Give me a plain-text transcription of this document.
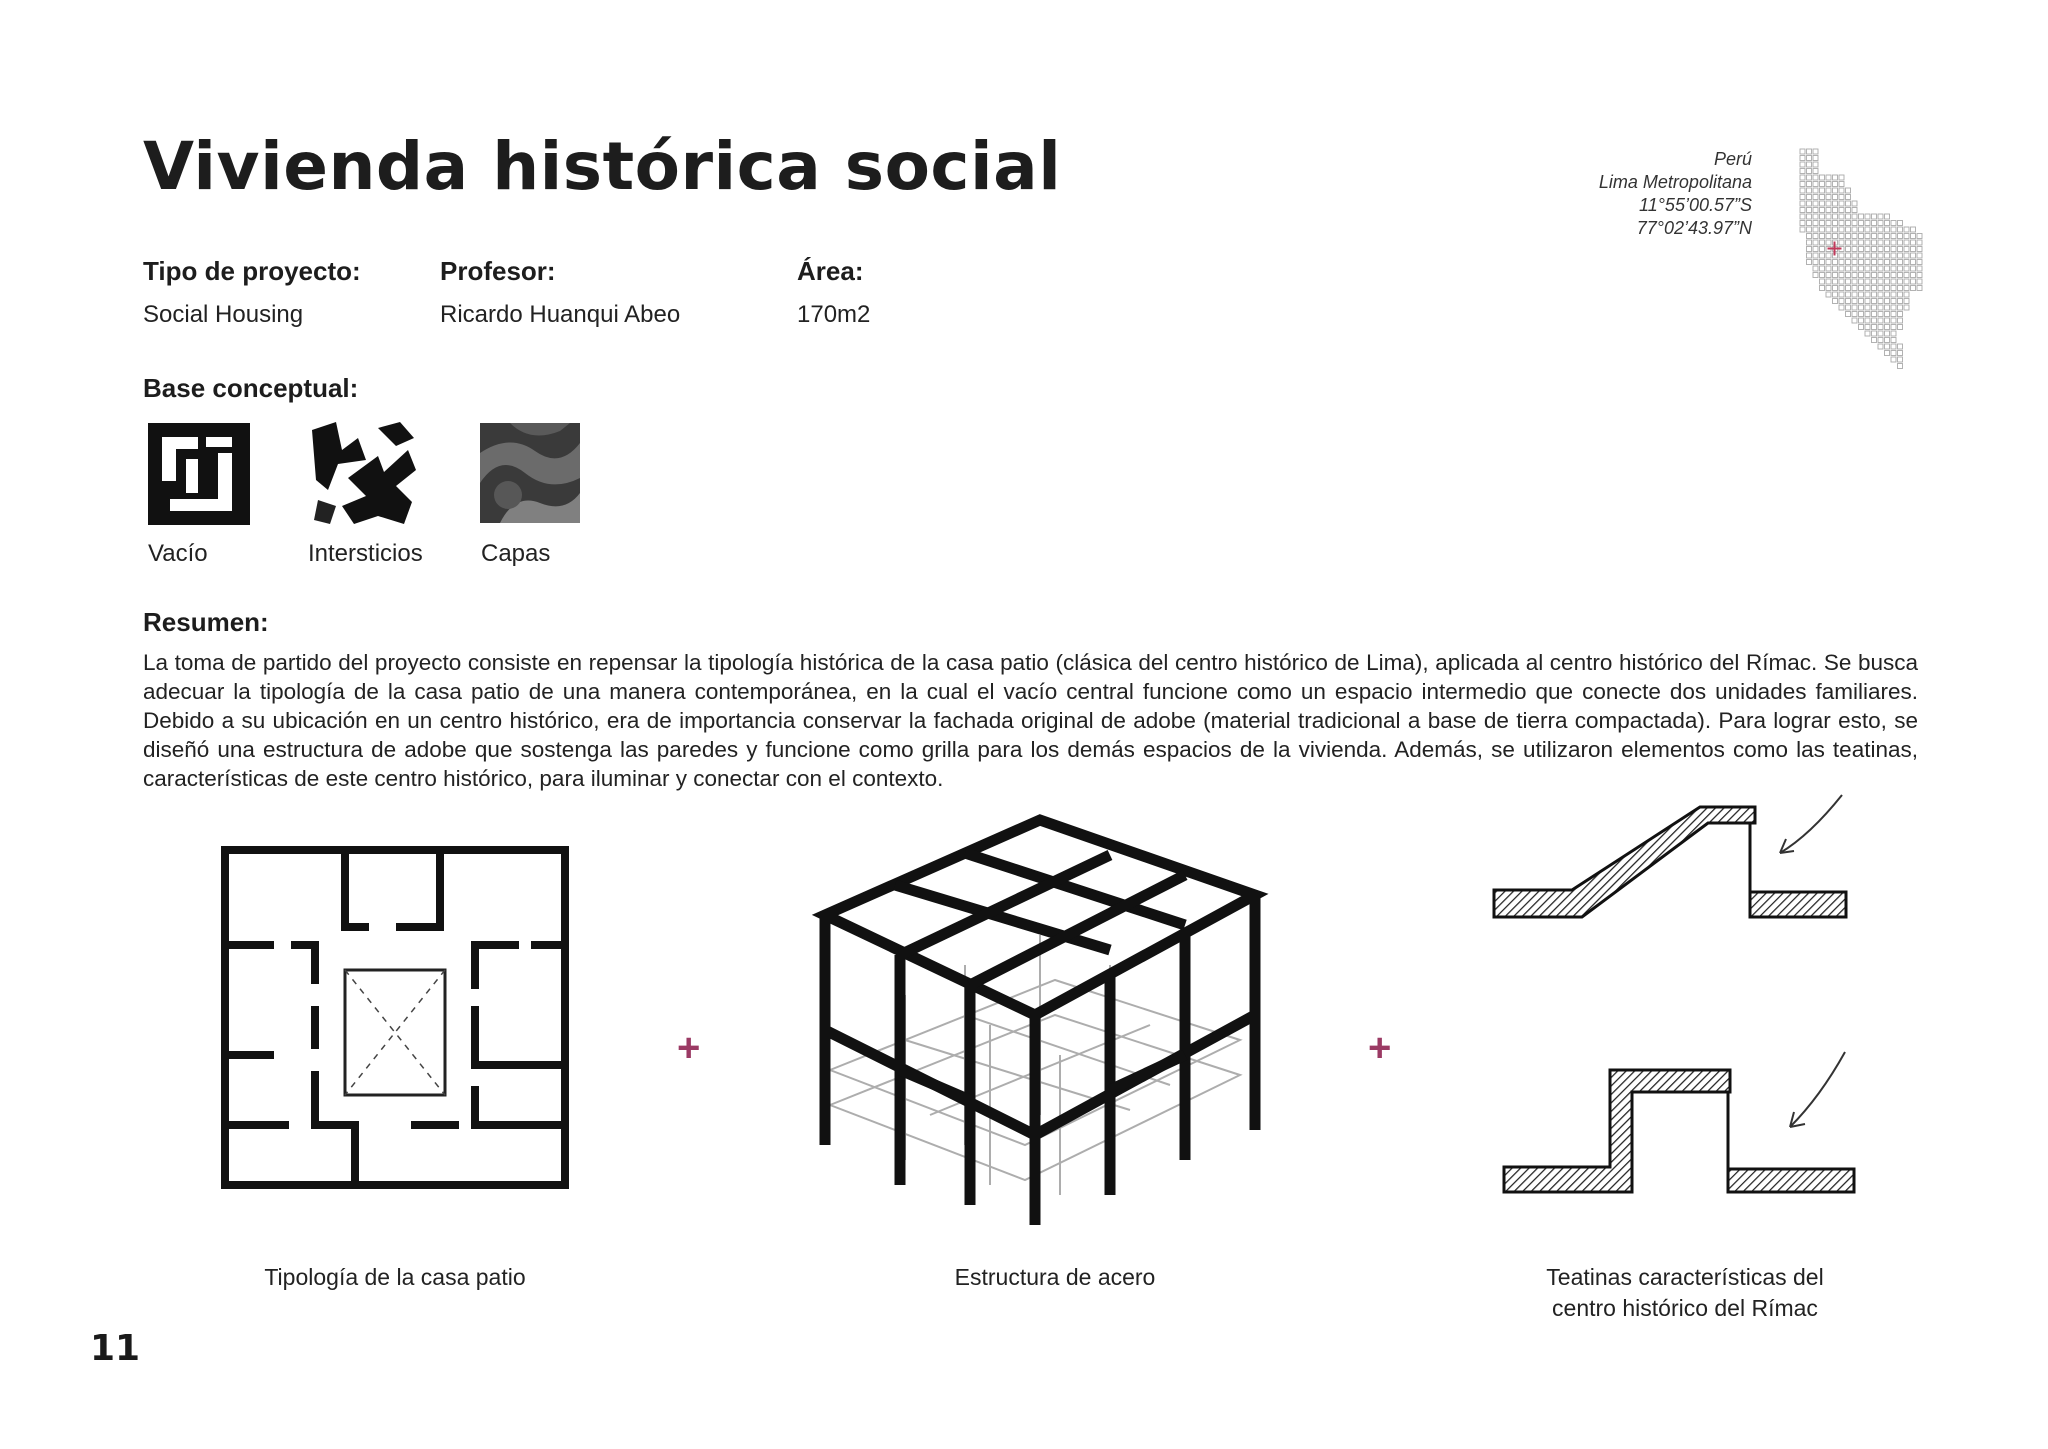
Vivienda histórica social	Perú
Lima Metropolitana
11°55’00.57”S
77°02’43.97”N
Tipo de proyecto:
Social Housing
Profesor:
Ricardo Huanqui Abeo
Área:
170m2
Base conceptual:
Vacío	Intersticios Capas
Resumen:
La toma de partido del proyecto consiste en repensar la tipología histórica de la casa patio (clásica del centro histórico de Lima), aplicada al centro histórico del Rímac. Se busca adecuar la tipología de la casa patio de una manera contemporánea, en la cual el vacío central funcione como un espacio intermedio que conecte dos unidades familiares. Debido a su ubicación en un centro histórico, era de importancia conservar la fachada original de adobe (material tradicional a base de tierra compactada). Para lograr esto, se diseñó una estructura de adobe que sostenga las paredes y funcione como grilla para los demás espacios de la vivienda. Además, se utilizaron elementos como las teatinas, características de este centro histórico, para iluminar y conectar con el contexto.
+	+
Tipología de la casa patio	Estructura de acero	Teatinas características del
centro histórico del Rímac
11
